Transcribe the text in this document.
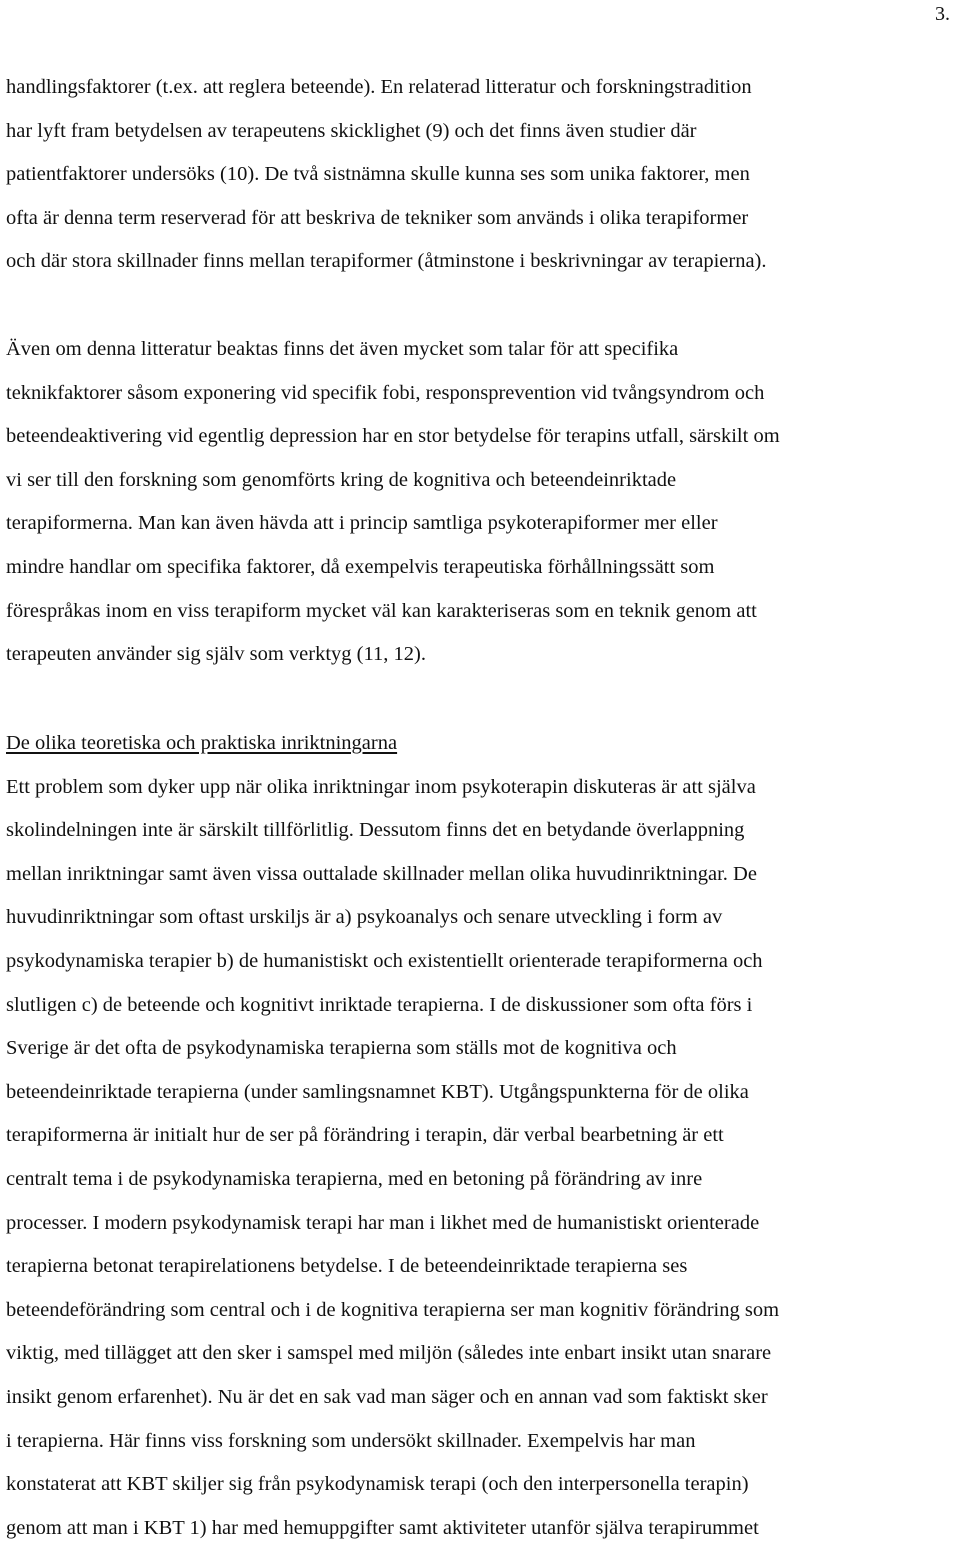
3.
handlingsfaktorer (t.ex. att reglera beteende). En relaterad litteratur och forskningstradition
har lyft fram betydelsen av terapeutens skicklighet (9) och det finns även studier där
patientfaktorer undersöks (10). De två sistnämna skulle kunna ses som unika faktorer, men
ofta är denna term reserverad för att beskriva de tekniker som används i olika terapiformer
och där stora skillnader finns mellan terapiformer (åtminstone i beskrivningar av terapierna).
Även om denna litteratur beaktas finns det även mycket som talar för att specifika
teknikfaktorer såsom exponering vid specifik fobi, responsprevention vid tvångsyndrom och
beteendeaktivering vid egentlig depression har en stor betydelse för terapins utfall, särskilt om
vi ser till den forskning som genomförts kring de kognitiva och beteendeinriktade
terapiformerna. Man kan även hävda att i princip samtliga psykoterapiformer mer eller
mindre handlar om specifika faktorer, då exempelvis terapeutiska förhållningssätt som
förespråkas inom en viss terapiform mycket väl kan karakteriseras som en teknik genom att
terapeuten använder sig själv som verktyg (11, 12).
De olika teoretiska och praktiska inriktningarna
Ett problem som dyker upp när olika inriktningar inom psykoterapin diskuteras är att själva
skolindelningen inte är särskilt tillförlitlig. Dessutom finns det en betydande överlappning
mellan inriktningar samt även vissa outtalade skillnader mellan olika huvudinriktningar. De
huvudinriktningar som oftast urskiljs är a) psykoanalys och senare utveckling i form av
psykodynamiska terapier b) de humanistiskt och existentiellt orienterade terapiformerna och
slutligen c) de beteende och kognitivt inriktade terapierna. I de diskussioner som ofta förs i
Sverige är det ofta de psykodynamiska terapierna som ställs mot de kognitiva och
beteendeinriktade terapierna (under samlingsnamnet KBT). Utgångspunkterna för de olika
terapiformerna är initialt hur de ser på förändring i terapin, där verbal bearbetning är ett
centralt tema i de psykodynamiska terapierna, med en betoning på förändring av inre
processer. I modern psykodynamisk terapi har man i likhet med de humanistiskt orienterade
terapierna betonat terapirelationens betydelse. I de beteendeinriktade terapierna ses
beteendeförändring som central och i de kognitiva terapierna ser man kognitiv förändring som
viktig, med tillägget att den sker i samspel med miljön (således inte enbart insikt utan snarare
insikt genom erfarenhet). Nu är det en sak vad man säger och en annan vad som faktiskt sker
i terapierna. Här finns viss forskning som undersökt skillnader. Exempelvis har man
konstaterat att KBT skiljer sig från psykodynamisk terapi (och den interpersonella terapin)
genom att man i KBT 1) har med hemuppgifter samt aktiviteter utanför själva terapirummet
